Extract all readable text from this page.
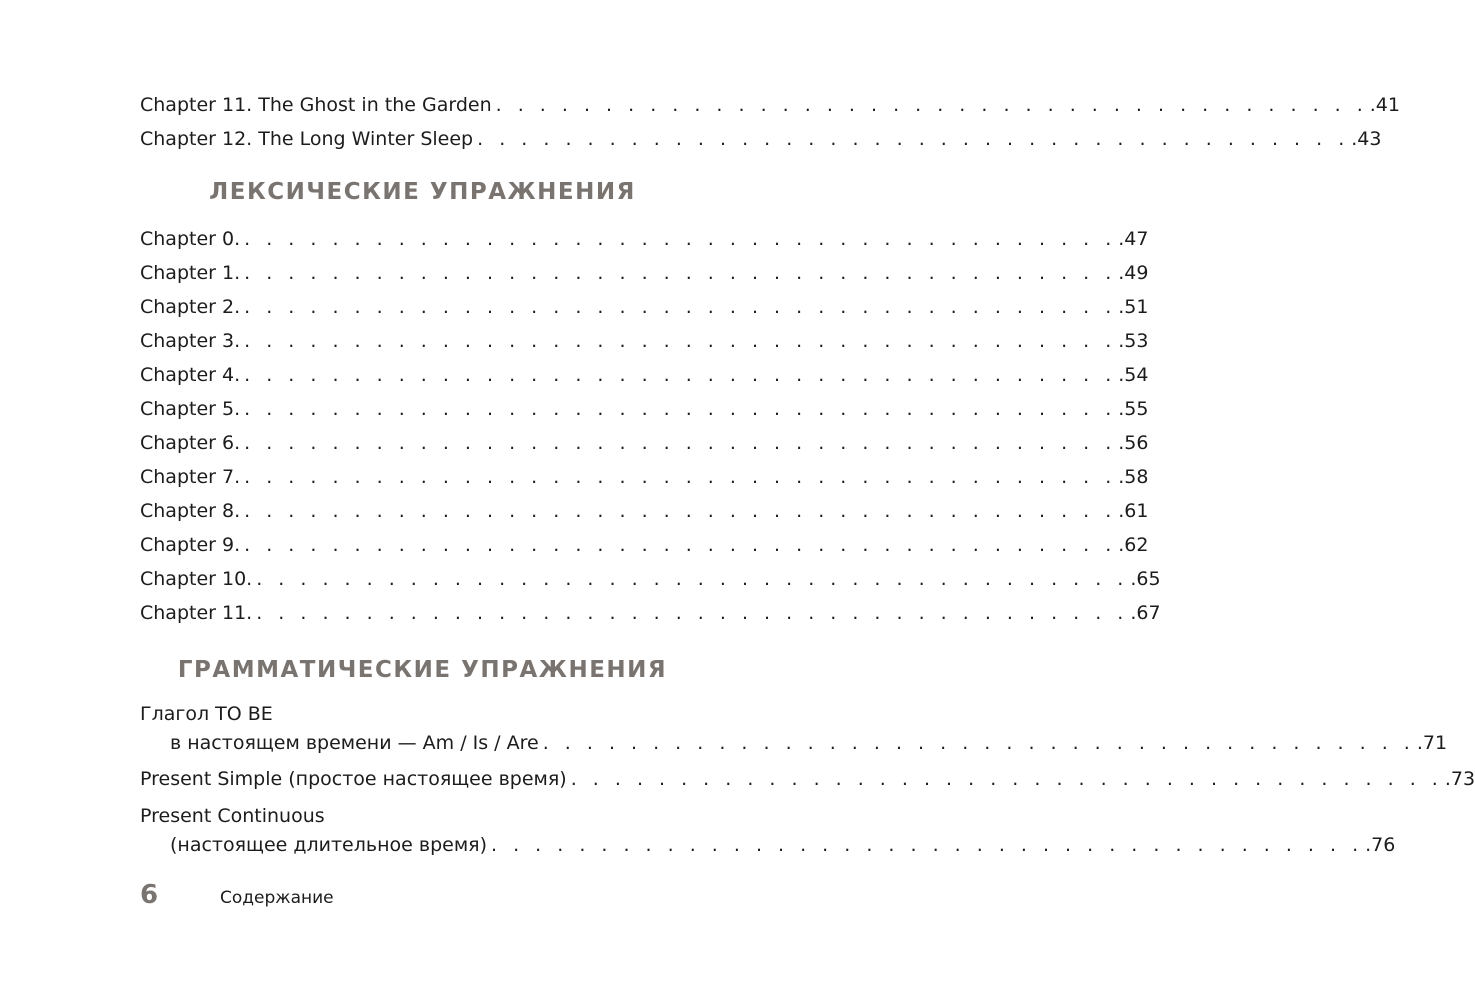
Chapter 11. The Ghost in the Garden . . . . . . . . . . . . . . . . . . . . . . . . . . . . . . . . . . . . . . . . .41
Chapter 12. The Long Winter Sleep . . . . . . . . . . . . . . . . . . . . . . . . . . . . . . . . . . . . . . . . .43
ЛЕКСИЧЕСКИЕ УПРАЖНЕНИЯ
Chapter 0. . . . . . . . . . . . . . . . . . . . . . . . . . . . . . . . . . . . . . . . . .47
Chapter 1. . . . . . . . . . . . . . . . . . . . . . . . . . . . . . . . . . . . . . . . . .49
Chapter 2. . . . . . . . . . . . . . . . . . . . . . . . . . . . . . . . . . . . . . . . . .51
Chapter 3. . . . . . . . . . . . . . . . . . . . . . . . . . . . . . . . . . . . . . . . . .53
Chapter 4. . . . . . . . . . . . . . . . . . . . . . . . . . . . . . . . . . . . . . . . . .54
Chapter 5. . . . . . . . . . . . . . . . . . . . . . . . . . . . . . . . . . . . . . . . . .55
Chapter 6. . . . . . . . . . . . . . . . . . . . . . . . . . . . . . . . . . . . . . . . . .56
Chapter 7. . . . . . . . . . . . . . . . . . . . . . . . . . . . . . . . . . . . . . . . . .58
Chapter 8. . . . . . . . . . . . . . . . . . . . . . . . . . . . . . . . . . . . . . . . . .61
Chapter 9. . . . . . . . . . . . . . . . . . . . . . . . . . . . . . . . . . . . . . . . . .62
Chapter 10. . . . . . . . . . . . . . . . . . . . . . . . . . . . . . . . . . . . . . . . . .65
Chapter 11. . . . . . . . . . . . . . . . . . . . . . . . . . . . . . . . . . . . . . . . . .67
ГРАММАТИЧЕСКИЕ УПРАЖНЕНИЯ
Глагол TO BE
в настоящем времени — Am / Is / Are . . . . . . . . . . . . . . . . . . . . . . . . . . . . . . . . . . . . . . . . .71
Present Simple (простое настоящее время) . . . . . . . . . . . . . . . . . . . . . . . . . . . . . . . . . . . . . . . . .73
Present Continuous
(настоящее длительное время) . . . . . . . . . . . . . . . . . . . . . . . . . . . . . . . . . . . . . . . . .76
6	Содержание
